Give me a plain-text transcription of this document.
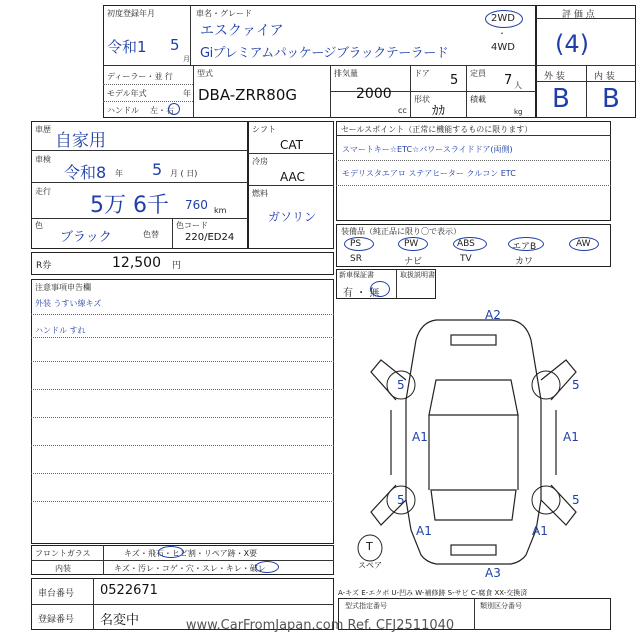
初度登録年月
令和1 5
月
車名・グレード
エスクァイア
Giプレミアムパッケージブラックテーラード
2WD
・
4WD
ディーラー・並 行
モデル年式	年
ハンドル 左・右
型式
DBA-ZRR80G
排気量
2000
cc
ドア 5 定員 7 人
形状
ｶｶ
積載
kg
評 価 点
(4)
外 装	内 装
B B
車歴
自家用
車検
令和8 年 5 月 ( 日)
走行
5万 6千 760 km
色
ブラック	色替
色コード
220/ED24
シフト
CAT
冷房
AAC
燃料
ガソリン
R券	12,500 円
セールスポイント（正常に機能するものに限ります）
スマートキー☆ETC☆パワースライドドア(両側)
モデリスタエアロ ステアヒーター クルコン ETC
装備品（純正品に限り〇で表示）
PS	PW	ABS	エアB	AW
SR	ナビ	TV	カワ
新車保証書
有 ・ 無
取扱説明書
注意事項申告欄
外装 うすい線キズ
ハンドル すれ
A2
5	5
A1	A1
5	5
A1	A1
T
スペア
A3
フロントガラス	キズ・飛石・ヒビ割・リペア跡・X要
内装	キズ・汚レ・コゲ・穴・スレ・キレ・破レ
A-キズ E-エクボ U-凹み W-補修跡 S-サビ C-腐食 XX-交換済
車台番号 0522671
登録番号 名変中
型式指定番号	類別区分番号
www.CarFromJapan.com Ref. CFJ2511040
